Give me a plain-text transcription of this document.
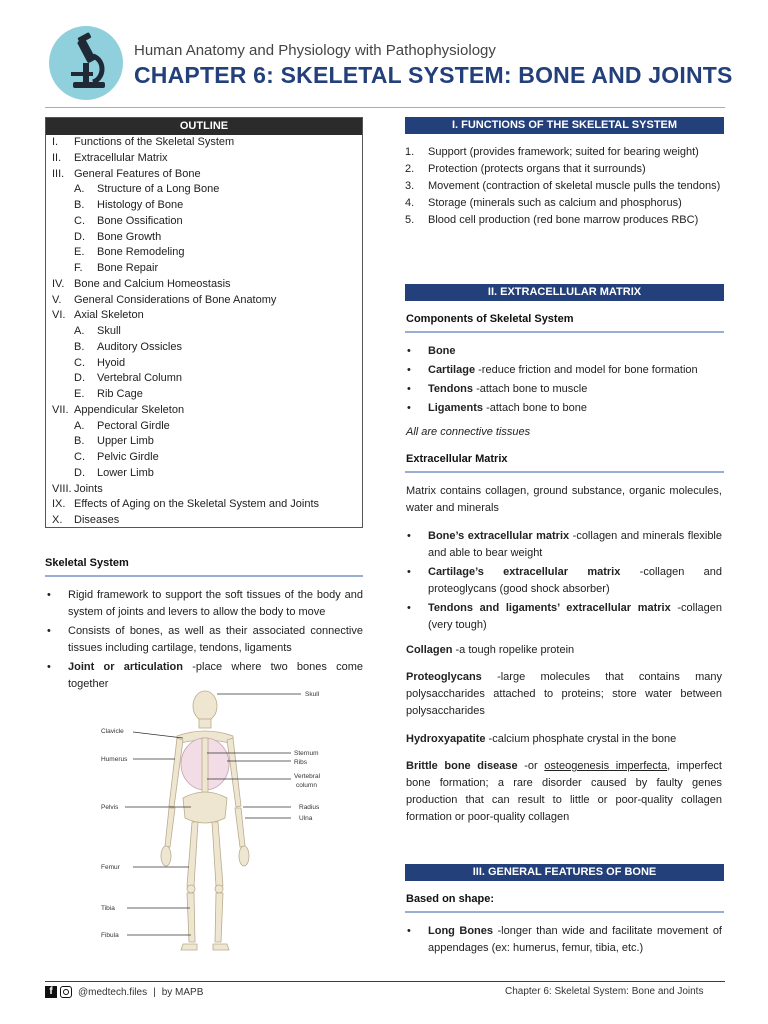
Human Anatomy and Physiology with Pathophysiology
CHAPTER 6: SKELETAL SYSTEM: BONE AND JOINTS
OUTLINE
I. Functions of the Skeletal System
II. Extracellular Matrix
III. General Features of Bone
A. Structure of a Long Bone
B. Histology of Bone
C. Bone Ossification
D. Bone Growth
E. Bone Remodeling
F. Bone Repair
IV. Bone and Calcium Homeostasis
V. General Considerations of Bone Anatomy
VI. Axial Skeleton
A. Skull
B. Auditory Ossicles
C. Hyoid
D. Vertebral Column
E. Rib Cage
VII. Appendicular Skeleton
A. Pectoral Girdle
B. Upper Limb
C. Pelvic Girdle
D. Lower Limb
VIII. Joints
IX. Effects of Aging on the Skeletal System and Joints
X. Diseases
Skeletal System
• Rigid framework to support the soft tissues of the body and system of joints and levers to allow the body to move
• Consists of bones, as well as their associated connective tissues including cartilage, tendons, ligaments
• Joint or articulation -place where two bones come together
Clavicle
Humerus
Pelvis
Femur
Tibia
Fibula
Skull
Sternum
Ribs
Vertebral
column
Radius
Ulna
I. FUNCTIONS OF THE SKELETAL SYSTEM
1. Support (provides framework; suited for bearing weight)
2. Protection (protects organs that it surrounds)
3. Movement (contraction of skeletal muscle pulls the tendons)
4. Storage (minerals such as calcium and phosphorus)
5. Blood cell production (red bone marrow produces RBC)
II. EXTRACELLULAR MATRIX
Components of Skeletal System
• Bone
• Cartilage -reduce friction and model for bone formation
• Tendons -attach bone to muscle
• Ligaments -attach bone to bone
All are connective tissues
Extracellular Matrix
Matrix contains collagen, ground substance, organic molecules, water and minerals
• Bone’s extracellular matrix -collagen and minerals flexible and able to bear weight
• Cartilage’s extracellular matrix -collagen and proteoglycans (good shock absorber)
• Tendons and ligaments’ extracellular matrix -collagen (very tough)
Collagen -a tough ropelike protein
Proteoglycans -large molecules that contains many polysaccharides attached to proteins; store water between polysaccharides
Hydroxyapatite -calcium phosphate crystal in the bone
Brittle bone disease -or osteogenesis imperfecta, imperfect bone formation; a rare disorder caused by faulty genes production that can result to little or poor-quality collagen formation or poor-quality collagen
III. GENERAL FEATURES OF BONE
Based on shape:
• Long Bones -longer than wide and facilitate movement of appendages (ex: humerus, femur, tibia, etc.)
f	@medtech.files | by MAPB	Chapter 6: Skeletal System: Bone and Joints
